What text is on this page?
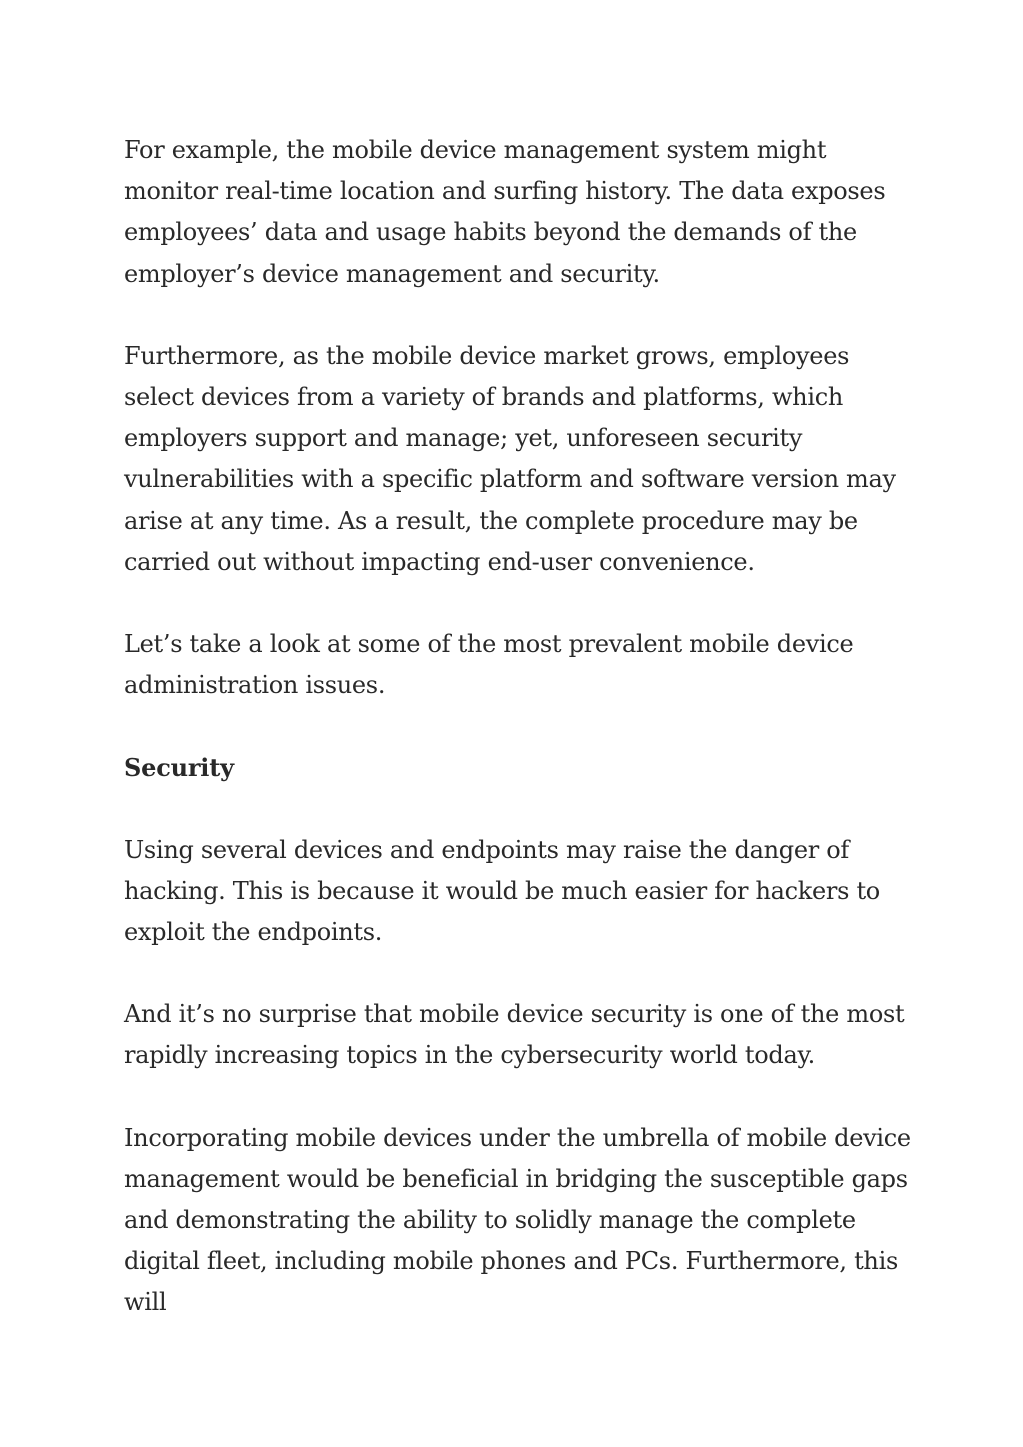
For example, the mobile device management system might monitor real-time location and surfing history. The data exposes employees’ data and usage habits beyond the demands of the employer’s device management and security.

Furthermore, as the mobile device market grows, employees select devices from a variety of brands and platforms, which employers support and manage; yet, unforeseen security vulnerabilities with a specific platform and software version may arise at any time. As a result, the complete procedure may be carried out without impacting end-user convenience.

Let’s take a look at some of the most prevalent mobile device administration issues.

Security

Using several devices and endpoints may raise the danger of hacking. This is because it would be much easier for hackers to exploit the endpoints.

And it’s no surprise that mobile device security is one of the most rapidly increasing topics in the cybersecurity world today.

Incorporating mobile devices under the umbrella of mobile device management would be beneficial in bridging the susceptible gaps and demonstrating the ability to solidly manage the complete digital fleet, including mobile phones and PCs. Furthermore, this will
